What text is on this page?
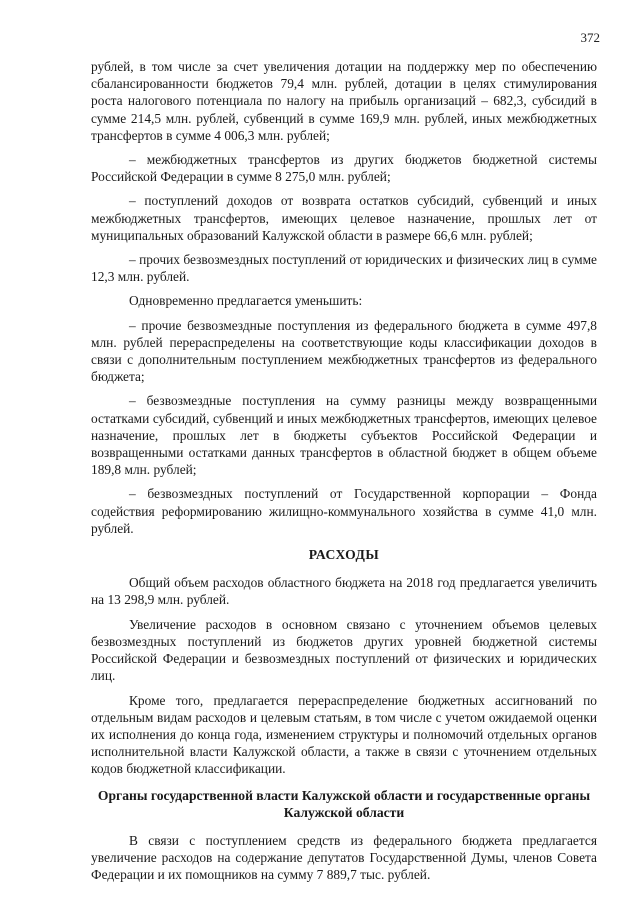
372

рублей, в том числе за счет увеличения дотации на поддержку мер по обеспечению сбалансированности бюджетов 79,4 млн. рублей, дотации в целях стимулирования роста налогового потенциала по налогу на прибыль организаций – 682,3, субсидий в сумме 214,5 млн. рублей, субвенций в сумме 169,9 млн. рублей, иных межбюджетных трансфертов в сумме 4 006,3 млн. рублей;

– межбюджетных трансфертов из других бюджетов бюджетной системы Российской Федерации в сумме 8 275,0 млн. рублей;

– поступлений доходов от возврата остатков субсидий, субвенций и иных межбюджетных трансфертов, имеющих целевое назначение, прошлых лет от муниципальных образований Калужской области в размере 66,6 млн. рублей;

– прочих безвозмездных поступлений от юридических и физических лиц в сумме 12,3 млн. рублей.

Одновременно предлагается уменьшить:

– прочие безвозмездные поступления из федерального бюджета в сумме 497,8 млн. рублей перераспределены на соответствующие коды классификации доходов в связи с дополнительным поступлением межбюджетных трансфертов из федерального бюджета;

– безвозмездные поступления на сумму разницы между возвращенными остатками субсидий, субвенций и иных межбюджетных трансфертов, имеющих целевое назначение, прошлых лет в бюджеты субъектов Российской Федерации и возвращенными остатками данных трансфертов в областной бюджет в общем объеме 189,8 млн. рублей;

– безвозмездных поступлений от Государственной корпорации – Фонда содействия реформированию жилищно-коммунального хозяйства в сумме 41,0 млн. рублей.

РАСХОДЫ

Общий объем расходов областного бюджета на 2018 год предлагается увеличить на 13 298,9 млн. рублей.

Увеличение расходов в основном связано с уточнением объемов целевых безвозмездных поступлений из бюджетов других уровней бюджетной системы Российской Федерации и безвозмездных поступлений от физических и юридических лиц.

Кроме того, предлагается перераспределение бюджетных ассигнований по отдельным видам расходов и целевым статьям, в том числе с учетом ожидаемой оценки их исполнения до конца года, изменением структуры и полномочий отдельных органов исполнительной власти Калужской области, а также в связи с уточнением отдельных кодов бюджетной классификации.

Органы государственной власти Калужской области и государственные органы Калужской области

В связи с поступлением средств из федерального бюджета предлагается увеличение расходов на содержание депутатов Государственной Думы, членов Совета Федерации и их помощников на сумму 7 889,7 тыс. рублей.
